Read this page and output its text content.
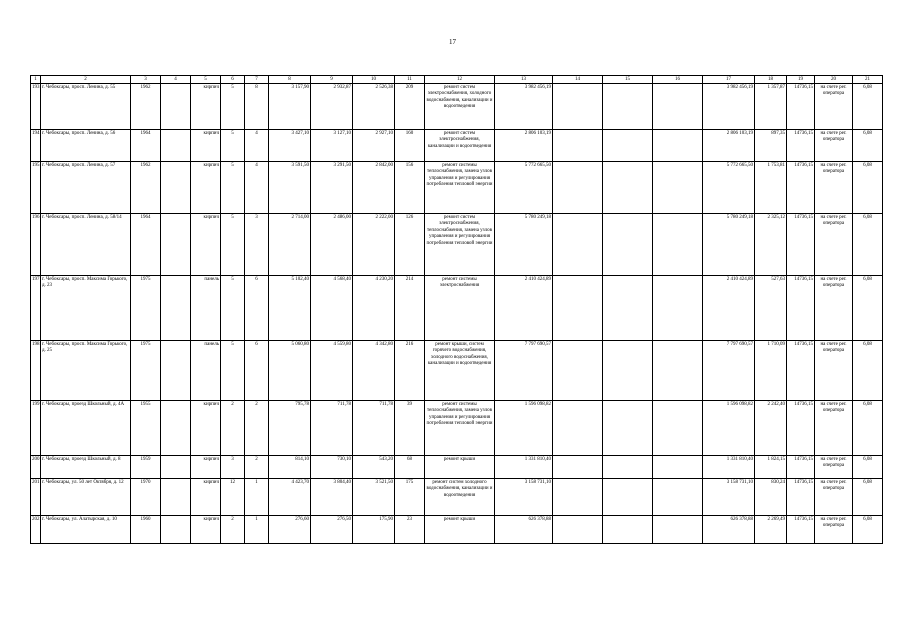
17
1	2	3	4	5	6	7	8	9	10	11	12	13	14	15	16	17	18	19	20	21
193	г. Чебоксары, просп. Ленина, д. 55	1962		кирпич	5	8	3 157,90	2 932,87	2 526,38	209	ремонт систем электроснабжения, холодного водоснабжения, канализации и водоотведения	3 982 456,19				3 982 456,19	1 357,87	14736,15	на счете рег. оператора	6,08
194	г. Чебоксары, просп. Ленина, д. 56	1964		кирпич	5	4	3 427,10	3 127,10	2 927,10	160	ремонт систем электроснабжения, канализации и водоотведения	2 806 103,19				2 806 103,19	897,35	14736,15	на счете рег. оператора	6,08
195	г. Чебоксары, просп. Ленина, д. 57	1962		кирпич	5	4	3 591,50	3 291,50	2 842,00	156	ремонт системы теплоснабжения, замена узлов управления и регулирования потребления тепловой энергии	5 772 665,50				5 772 665,50	1 753,81	14736,15	на счете рег. оператора	6,08
196	г. Чебоксары, просп. Ленина, д. 58/14	1964		кирпич	5	3	2 714,00	2 486,00	2 222,00	126	ремонт систем электроснабжения, теплоснабжения, замена узлов управления и регулирования потребления тепловой энергии	5 780 249,18				5 780 249,18	2 325,12	14736,15	на счете рег. оператора	6,08
197	г. Чебоксары, просп. Максима Горького, д. 23	1975		панель	5	6	5 102,40	4 568,40	4 230,20	214	ремонт системы электроснабжения	2 410 424,89				2 410 424,89	527,63	14736,15	на счете рег. оператора	6,08
198	г. Чебоксары, просп. Максима Горького, д. 25	1975		панель	5	6	5 060,80	4 559,80	4 342,80	216	ремонт крыши, систем горячего водоснабжения, холодного водоснабжения, канализации и водоотведения	7 797 690,57				7 797 690,57	1 710,09	14736,15	на счете рег. оператора	6,08
199	г. Чебоксары, проезд Школьный, д. 4А	1955		кирпич	2	2	795,78	711,78	711,78	39	ремонт системы теплоснабжения, замена узлов управления и регулирования потребления тепловой энергии	1 596 098,82				1 596 098,82	2 242,40	14736,15	на счете рег. оператора	6,08
200	г. Чебоксары, проезд Школьный, д. 8	1959		кирпич	3	2	814,10	730,10	543,20	68	ремонт крыши	1 331 810,40				1 331 810,40	1 824,15	14736,15	на счете рег. оператора	6,08
201	г. Чебоксары, ул. 50 лет Октября, д. 12	1970		кирпич	12	1	4 423,70	3 804,40	3 521,50	175	ремонт систем холодного водоснабжения, канализации и водоотведения	3 158 731,10				3 158 731,10	830,24	14736,15	на счете рег. оператора	6,08
202	г. Чебоксары, ул. Алатырская, д. 10	1960		кирпич	2	1	276,60	276,50	175,90	23	ремонт крыши	626 378,88				626 378,88	2 269,49	14736,15	на счете рег. оператора	6,08
